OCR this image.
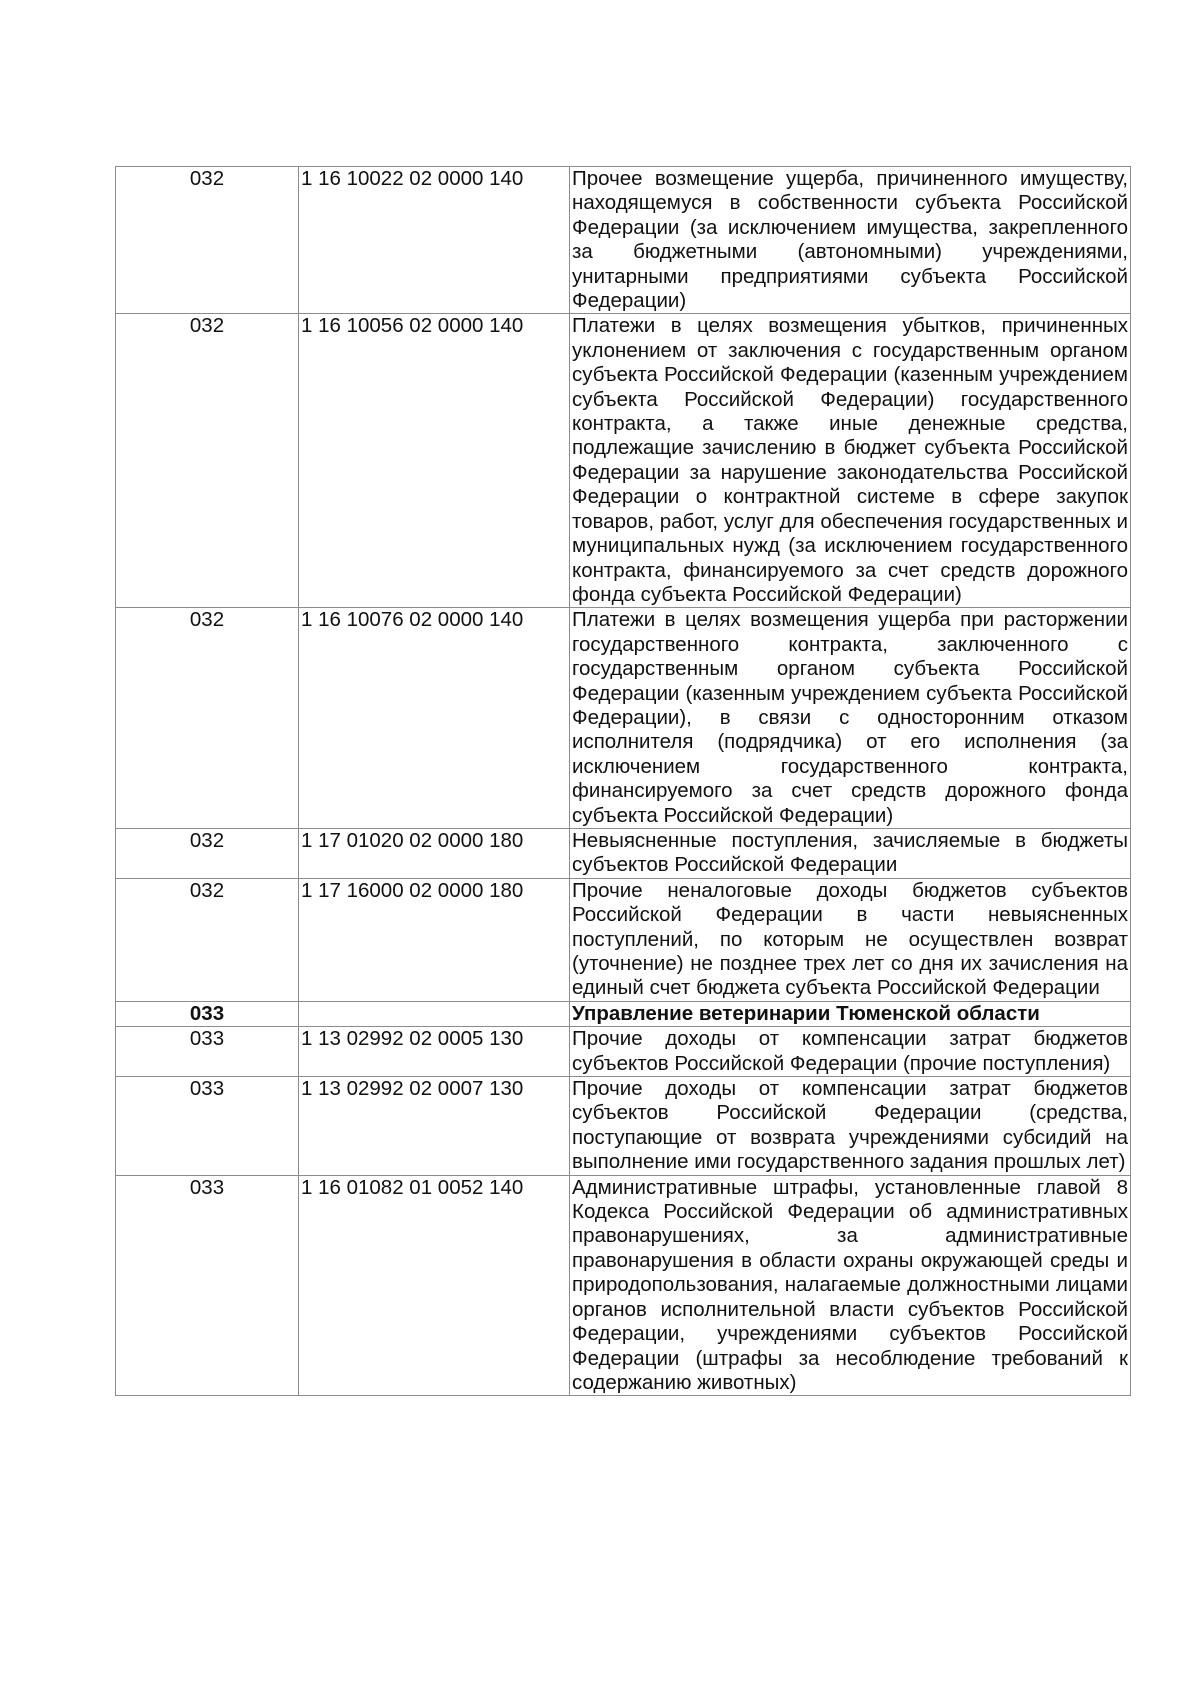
032	1 16 10022 02 0000 140	Прочее возмещение ущерба, причиненного имуществу, находящемуся в собственности субъекта Российской Федерации (за исключением имущества, закрепленного за бюджетными (автономными) учреждениями, унитарными предприятиями субъекта Российской Федерации)
032	1 16 10056 02 0000 140	Платежи в целях возмещения убытков, причиненных уклонением от заключения с государственным органом субъекта Российской Федерации (казенным учреждением субъекта Российской Федерации) государственного контракта, а также иные денежные средства, подлежащие зачислению в бюджет субъекта Российской Федерации за нарушение законодательства Российской Федерации о контрактной системе в сфере закупок товаров, работ, услуг для обеспечения государственных и муниципальных нужд (за исключением государственного контракта, финансируемого за счет средств дорожного фонда субъекта Российской Федерации)
032	1 16 10076 02 0000 140	Платежи в целях возмещения ущерба при расторжении государственного контракта, заключенного с государственным органом субъекта Российской Федерации (казенным учреждением субъекта Российской Федерации), в связи с односторонним отказом исполнителя (подрядчика) от его исполнения (за исключением государственного контракта, финансируемого за счет средств дорожного фонда субъекта Российской Федерации)
032	1 17 01020 02 0000 180	Невыясненные поступления, зачисляемые в бюджеты субъектов Российской Федерации
032	1 17 16000 02 0000 180	Прочие неналоговые доходы бюджетов субъектов Российской Федерации в части невыясненных поступлений, по которым не осуществлен возврат (уточнение) не позднее трех лет со дня их зачисления на единый счет бюджета субъекта Российской Федерации
033		Управление ветеринарии Тюменской области
033	1 13 02992 02 0005 130	Прочие доходы от компенсации затрат бюджетов субъектов Российской Федерации (прочие поступления)
033	1 13 02992 02 0007 130	Прочие доходы от компенсации затрат бюджетов субъектов Российской Федерации (средства, поступающие от возврата учреждениями субсидий на выполнение ими государственного задания прошлых лет)
033	1 16 01082 01 0052 140	Административные штрафы, установленные главой 8 Кодекса Российской Федерации об административных правонарушениях, за административные правонарушения в области охраны окружающей среды и природопользования, налагаемые должностными лицами органов исполнительной власти субъектов Российской Федерации, учреждениями субъектов Российской Федерации (штрафы за несоблюдение требований к содержанию животных)
